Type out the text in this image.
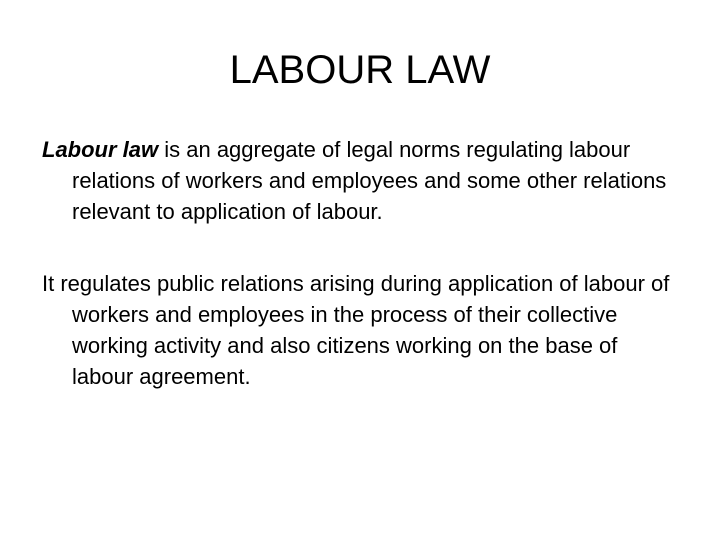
LABOUR LAW

Labour law is an aggregate of legal norms regulating labour relations of workers and employees and some other relations relevant to application of labour.

It regulates public relations arising during application of labour of workers and employees in the process of their collective working activity and also citizens working on the base of labour agreement.
